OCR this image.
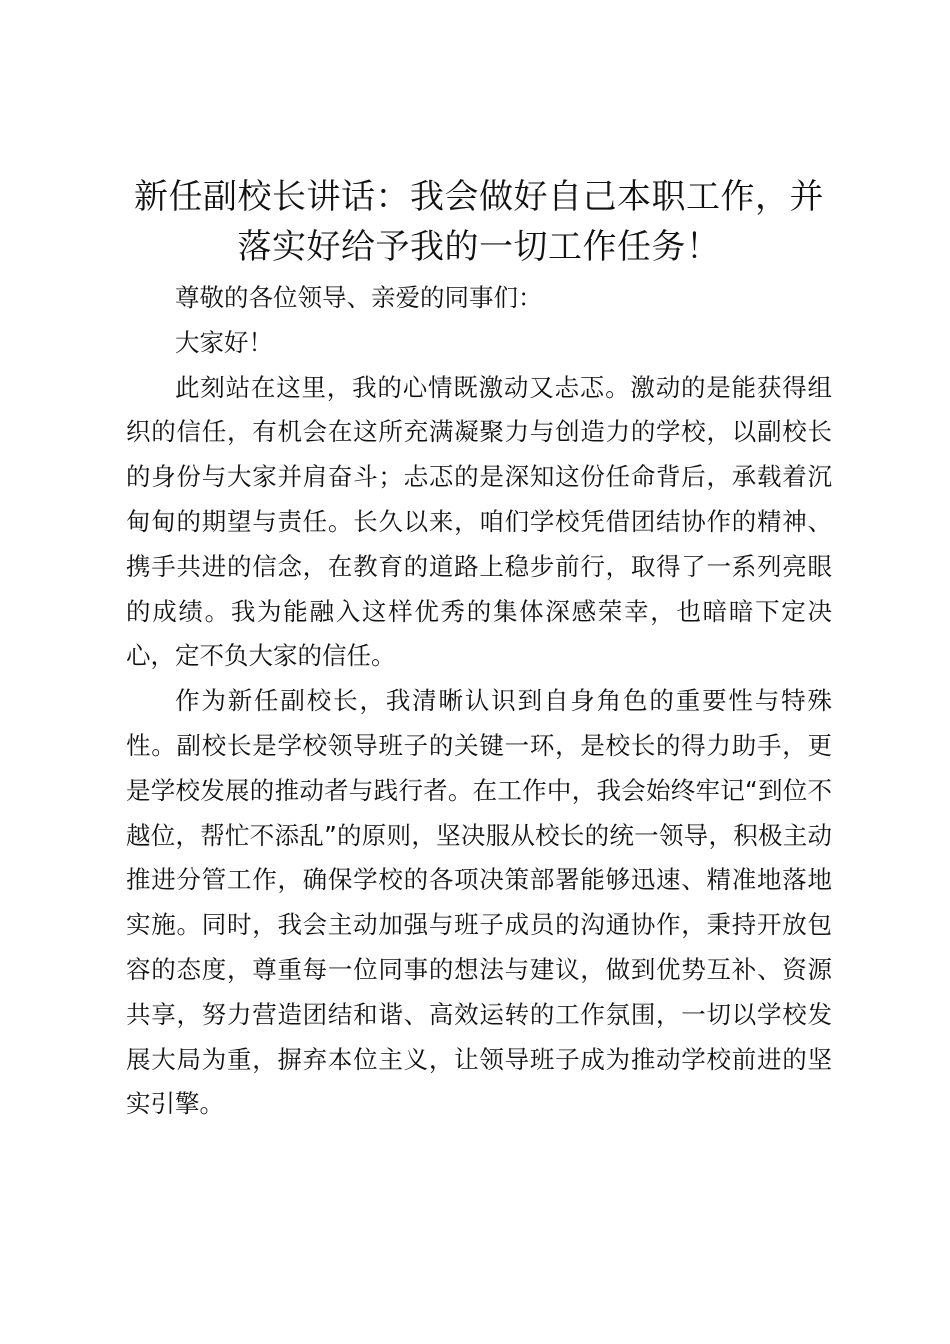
新任副校长讲话：我会做好自己本职工作，并
落实好给予我的一切工作任务！

尊敬的各位领导、亲爱的同事们：

大家好！

此刻站在这里，我的心情既激动又忐忑。激动的是能获得组织的信任，有机会在这所充满凝聚力与创造力的学校，以副校长的身份与大家并肩奋斗；忐忑的是深知这份任命背后，承载着沉甸甸的期望与责任。长久以来，咱们学校凭借团结协作的精神、携手共进的信念，在教育的道路上稳步前行，取得了一系列亮眼的成绩。我为能融入这样优秀的集体深感荣幸，也暗暗下定决心，定不负大家的信任。

作为新任副校长，我清晰认识到自身角色的重要性与特殊性。副校长是学校领导班子的关键一环，是校长的得力助手，更是学校发展的推动者与践行者。在工作中，我会始终牢记“到位不越位，帮忙不添乱”的原则，坚决服从校长的统一领导，积极主动推进分管工作，确保学校的各项决策部署能够迅速、精准地落地实施。同时，我会主动加强与班子成员的沟通协作，秉持开放包容的态度，尊重每一位同事的想法与建议，做到优势互补、资源共享，努力营造团结和谐、高效运转的工作氛围，一切以学校发展大局为重，摒弃本位主义，让领导班子成为推动学校前进的坚实引擎。
